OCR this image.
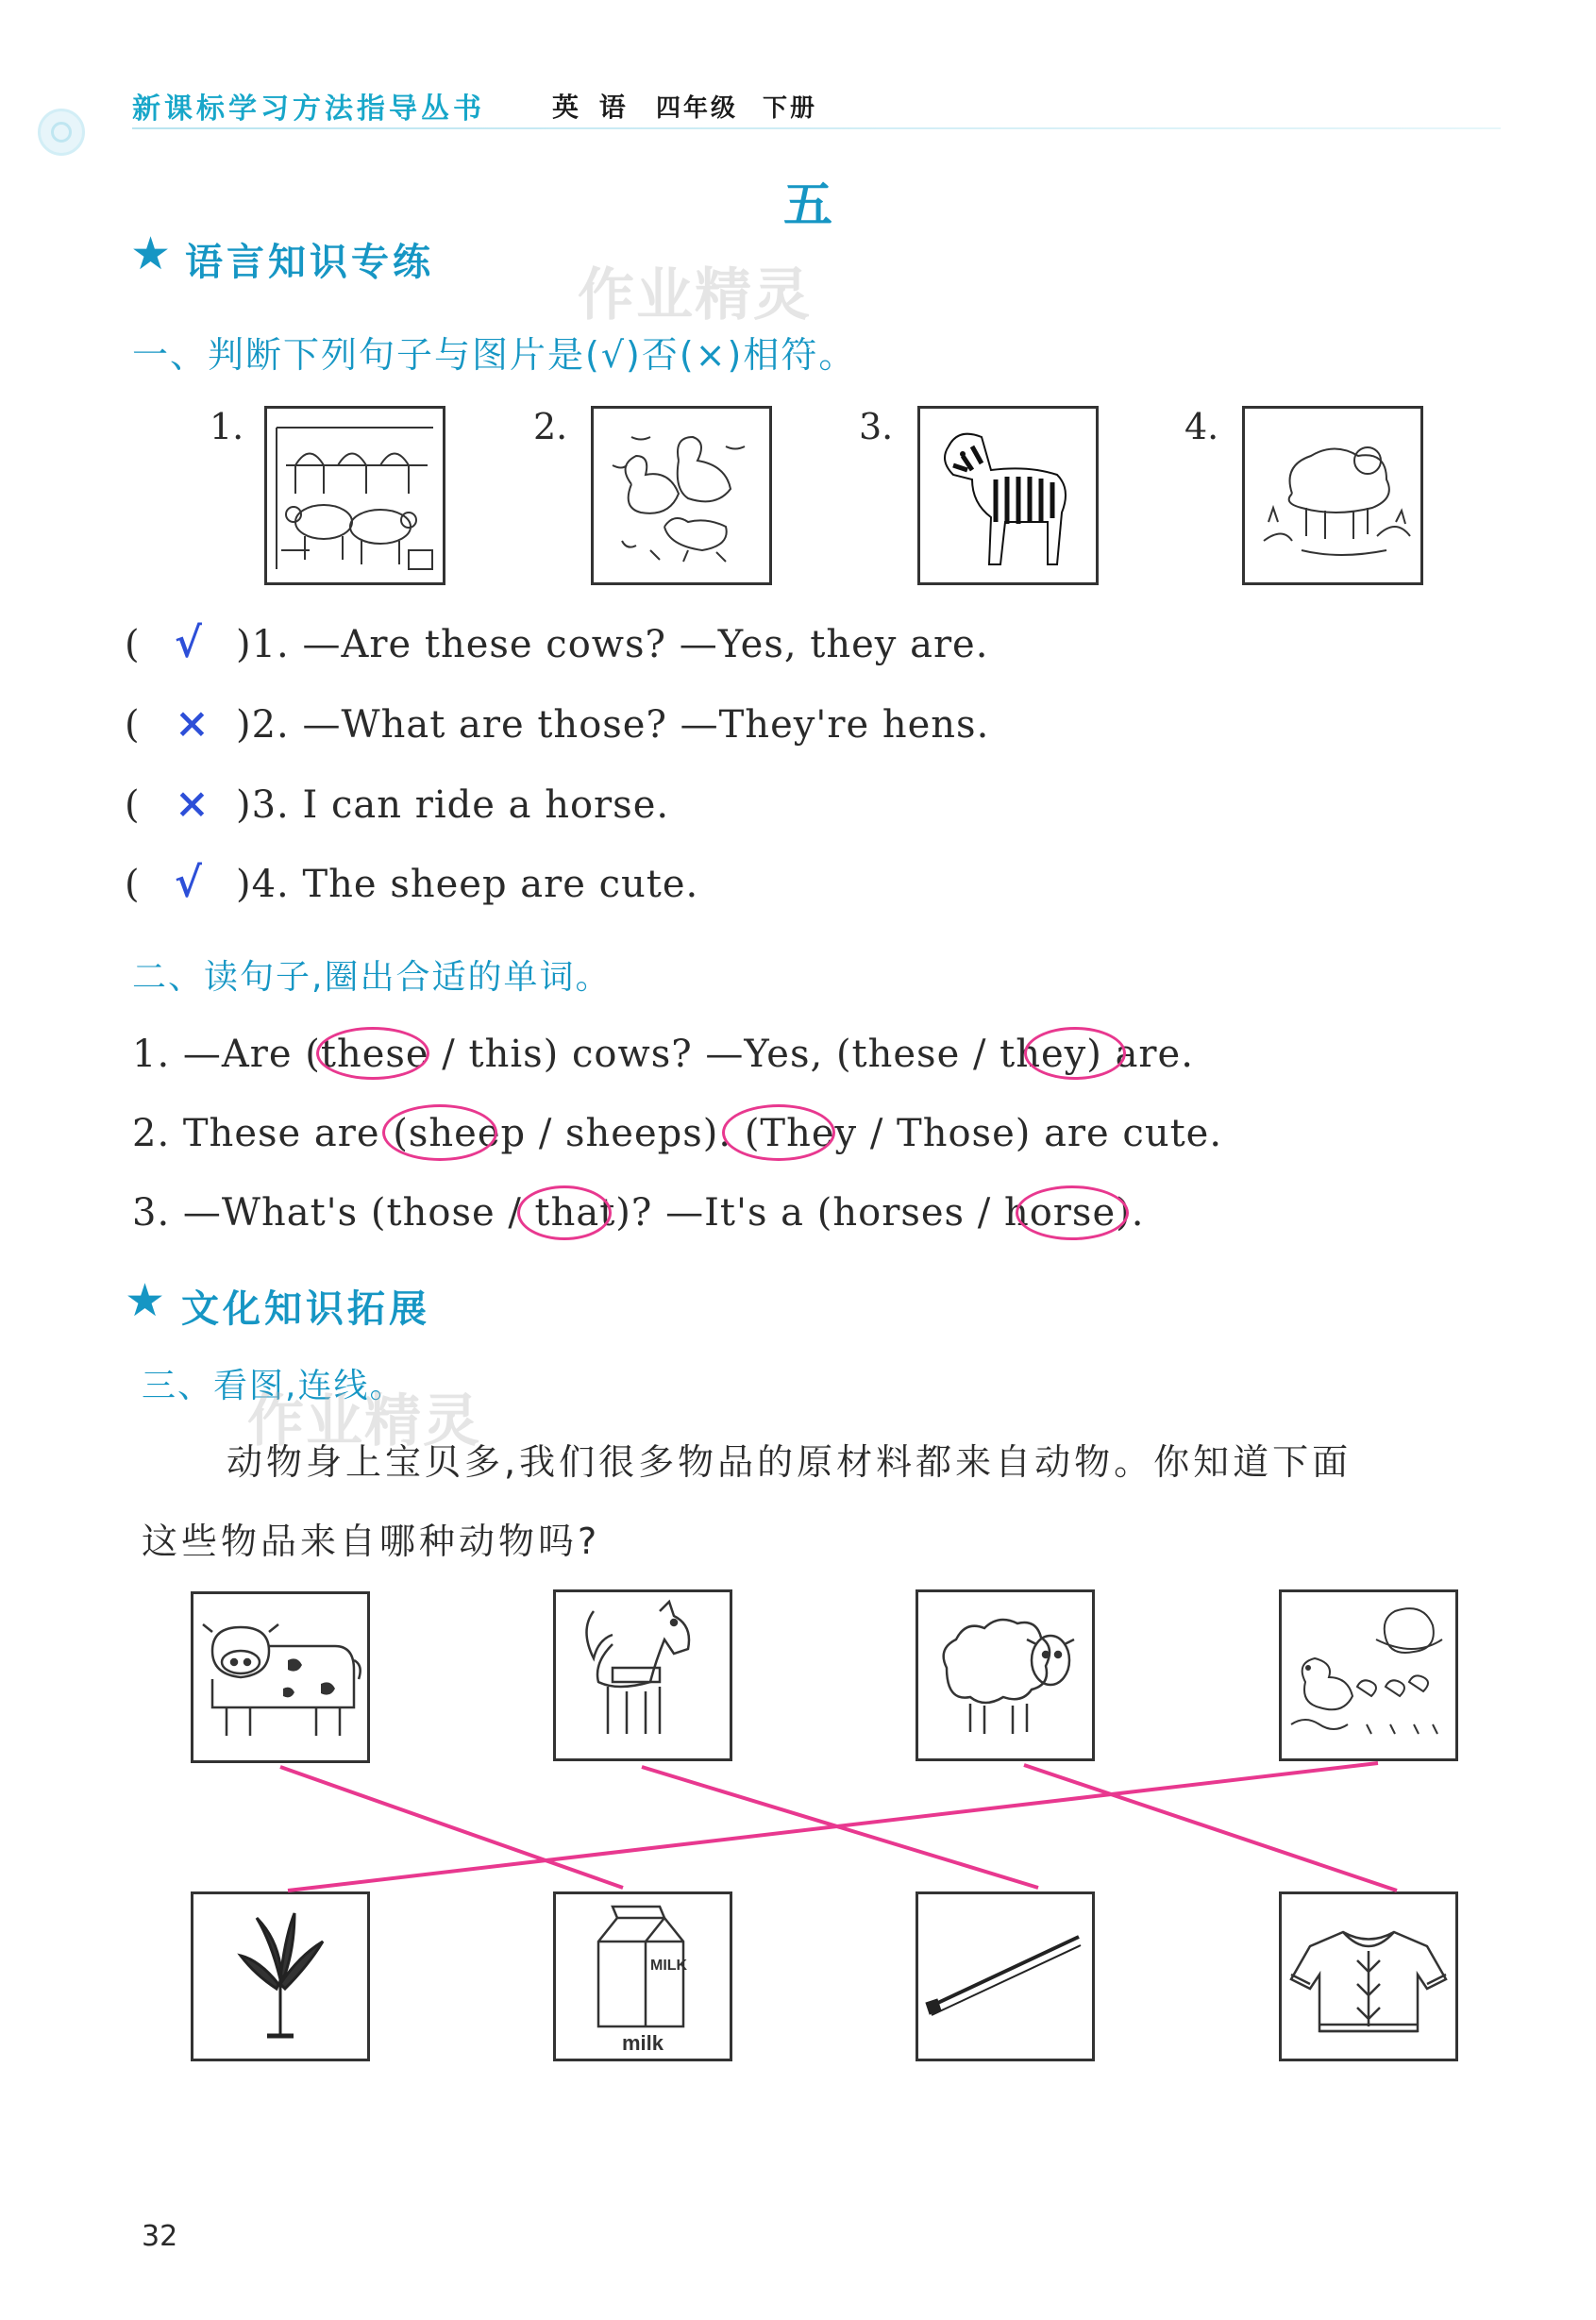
新课标学习方法指导丛书	英 语 四年级 下册
五
★ 语言知识专练	作业精灵
一、判断下列句子与图片是(√)否(×)相符。
1.	2.	3.	4.
( √ )1. —Are these cows? —Yes, they are.
( × )2. —What are those? —They're hens.
( × )3. I can ride a horse.
( √ )4. The sheep are cute.
二、读句子,圈出合适的单词。
1. —Are (these / this) cows? —Yes, (these / they) are.
2. These are (sheep / sheeps). (They / Those) are cute.
3. —What's (those / that)? —It's a (horses / horse).
★ 文化知识拓展
三、看图,连线。
作业精灵
动物身上宝贝多,我们很多物品的原材料都来自动物。你知道下面
这些物品来自哪种动物吗?
MILK
milk
32
